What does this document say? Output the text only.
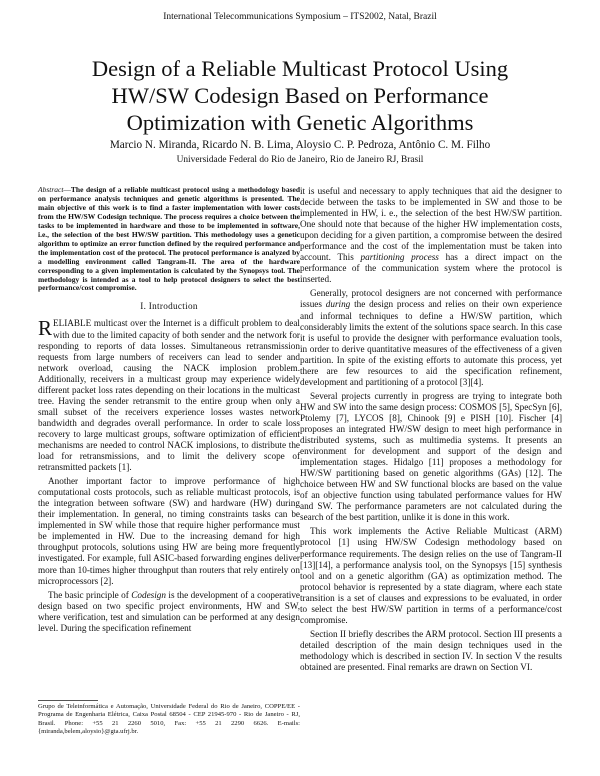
International Telecommunications Symposium – ITS2002, Natal, Brazil
Design of a Reliable Multicast Protocol Using
HW/SW Codesign Based on Performance
Optimization with Genetic Algorithms
Marcio N. Miranda, Ricardo N. B. Lima, Aloysio C. P. Pedroza, Antônio C. M. Filho
Universidade Federal do Rio de Janeiro, Rio de Janeiro RJ, Brasil
Abstract—The design of a reliable multicast protocol using a methodology based on performance analysis techniques and genetic algorithms is presented. The main objective of this work is to find a faster implementation with lower costs from the HW/SW Codesign technique. The process requires a choice between the tasks to be implemented in hardware and those to be implemented in software, i.e., the selection of the best HW/SW partition. This methodology uses a genetic algorithm to optimize an error function defined by the required performance and the implementation cost of the protocol. The protocol performance is analyzed by a modelling environment called Tangram-II. The area of the hardware corresponding to a given implementation is calculated by the Synopsys tool. The methodology is intended as a tool to help protocol designers to select the best performance/cost compromise.
I. Introduction

RELIABLE multicast over the Internet is a difficult problem to deal with due to the limited capacity of both sender and the network for responding to reports of data losses. Simultaneous retransmission requests from large numbers of receivers can lead to sender and network overload, causing the NACK implosion problem. Additionally, receivers in a multicast group may experience widely different packet loss rates depending on their locations in the multicast tree. Having the sender retransmit to the entire group when only a small subset of the receivers experience losses wastes network bandwidth and degrades overall performance. In order to scale loss recovery to large multicast groups, software optimization of efficient mechanisms are needed to control NACK implosions, to distribute the load for retransmissions, and to limit the delivery scope of retransmitted packets [1].

Another important factor to improve performance of high computational costs protocols, such as reliable multicast protocols, is the integration between software (SW) and hardware (HW) during their implementation. In general, no timing constraints tasks can be implemented in SW while those that require higher performance must be implemented in HW. Due to the increasing demand for high throughput protocols, solutions using HW are being more frequently investigated. For example, full ASIC-based forwarding engines deliver more than 10-times higher throughput than routers that rely entirely on microprocessors [2].

The basic principle of Codesign is the development of a cooperative design based on two specific project environments, HW and SW, where verification, test and simulation can be performed at any design level. During the specification refinement

Grupo de Teleinformática e Automação, Universidade Federal do Rio de Janeiro, COPPE/EE - Programa de Engenharia Elétrica, Caixa Postal 68504 - CEP 21945-970 - Rio de Janeiro - RJ, Brasil. Phone: +55 21 2260 5010, Fax: +55 21 2290 6626. E-mails: {miranda,belem,aloysio}@gta.ufrj.br.

it is useful and necessary to apply techniques that aid the designer to decide between the tasks to be implemented in SW and those to be implemented in HW, i. e., the selection of the best HW/SW partition. One should note that because of the higher HW implementation costs, upon deciding for a given partition, a compromise between the desired performance and the cost of the implementation must be taken into account. This partitioning process has a direct impact on the performance of the communication system where the protocol is inserted.

Generally, protocol designers are not concerned with performance issues during the design process and relies on their own experience and informal techniques to define a HW/SW partition, which considerably limits the extent of the solutions space search. In this case it is useful to provide the designer with performance evaluation tools, in order to derive quantitative measures of the effectiveness of a given partition. In spite of the existing efforts to automate this process, yet there are few resources to aid the specification refinement, development and partitioning of a protocol [3][4].

Several projects currently in progress are trying to integrate both HW and SW into the same design process: COSMOS [5], SpecSyn [6], Ptolemy [7], LYCOS [8], Chinook [9] e PISH [10]. Fischer [4] proposes an integrated HW/SW design to meet high performance in distributed systems, such as multimedia systems. It presents an environment for development and support of the design and implementation stages. Hidalgo [11] proposes a methodology for HW/SW partitioning based on genetic algorithms (GAs) [12]. The choice between HW and SW functional blocks are based on the value of an objective function using tabulated performance values for HW and SW. The performance parameters are not calculated during the search of the best partition, unlike it is done in this work.

This work implements the Active Reliable Multicast (ARM) protocol [1] using HW/SW Codesign methodology based on performance requirements. The design relies on the use of Tangram-II [13][14], a performance analysis tool, on the Synopsys [15] synthesis tool and on a genetic algorithm (GA) as optimization method. The protocol behavior is represented by a state diagram, where each state transition is a set of clauses and expressions to be evaluated, in order to select the best HW/SW partition in terms of a performance/cost compromise.

Section II briefly describes the ARM protocol. Section III presents a detailed description of the main design techniques used in the methodology which is described in section IV. In section V the results obtained are presented. Final remarks are drawn on Section VI.
